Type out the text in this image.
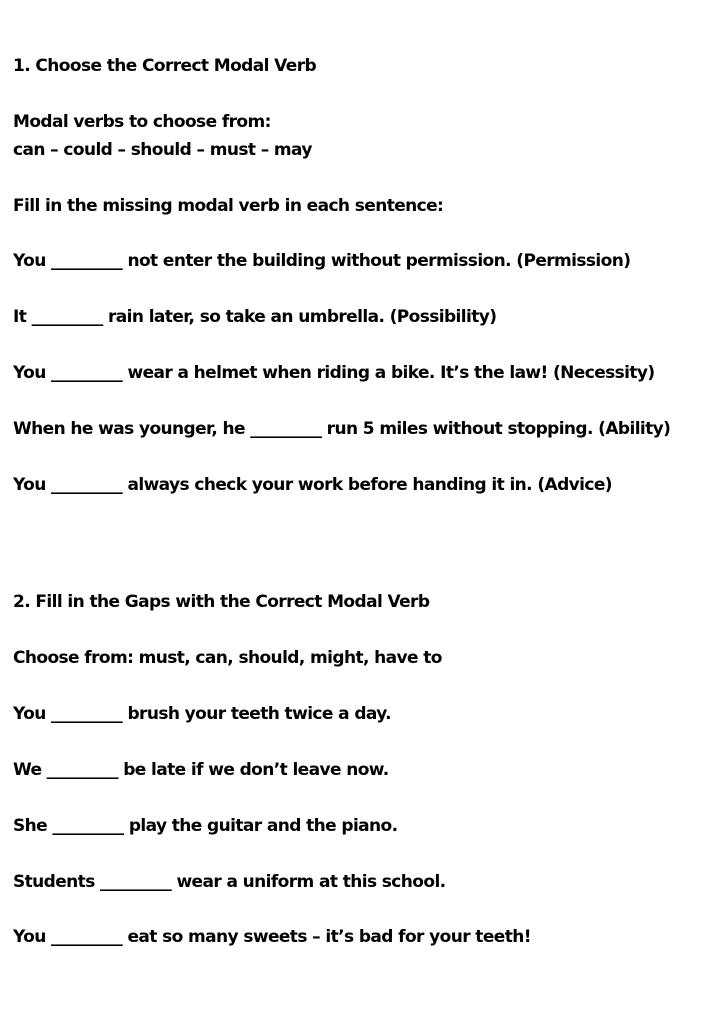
1. Choose the Correct Modal Verb

Modal verbs to choose from:

can – could – should – must – may

Fill in the missing modal verb in each sentence:

You _________ not enter the building without permission. (Permission)

It _________ rain later, so take an umbrella. (Possibility)

You _________ wear a helmet when riding a bike. It’s the law! (Necessity)

When he was younger, he _________ run 5 miles without stopping. (Ability)

You _________ always check your work before handing it in. (Advice)

2. Fill in the Gaps with the Correct Modal Verb

Choose from: must, can, should, might, have to

You _________ brush your teeth twice a day.

We _________ be late if we don’t leave now.

She _________ play the guitar and the piano.

Students _________ wear a uniform at this school.

You _________ eat so many sweets – it’s bad for your teeth!
